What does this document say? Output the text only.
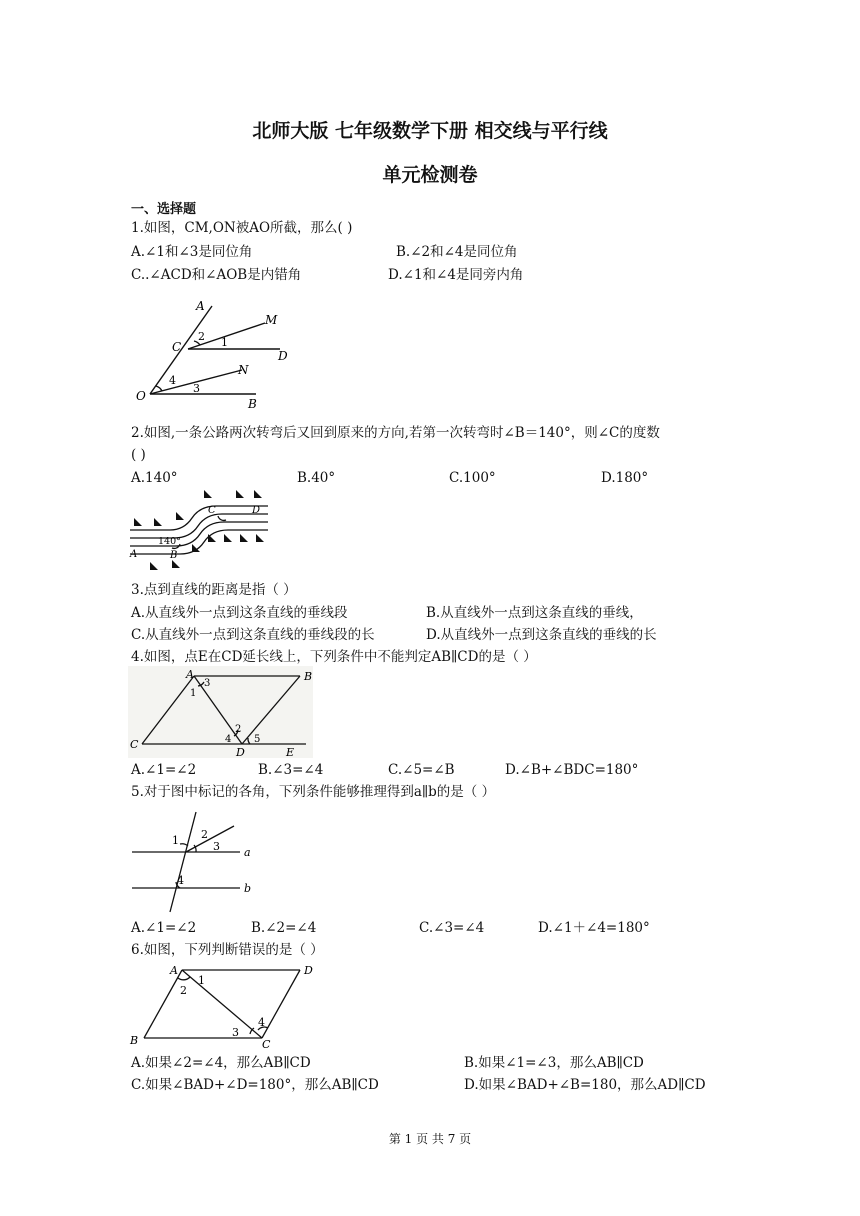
北师大版 七年级数学下册 相交线与平行线
单元检测卷
一、选择题
1.如图，CM,ON被AO所截，那么( )
A.∠1和∠3是同位角	B.∠2和∠4是同位角
C..∠ACD和∠AOB是内错角	D.∠1和∠4是同旁内角
A
C
M
D
O
N
B
1
2
3
4
2.如图,一条公路两次转弯后又回到原来的方向,若第一次转弯时∠B＝140°，则∠C的度数
( )
A.140°	B.40°	C.100°	D.180°
A	B
C	D
140°
3.点到直线的距离是指（ ）
A.从直线外一点到这条直线的垂线段	B.从直线外一点到这条直线的垂线，
C.从直线外一点到这条直线的垂线段的长	D.从直线外一点到这条直线的垂线的长
4.如图，点E在CD延长线上，下列条件中不能判定AB∥CD的是（ ）
A	B
C
D	E
1
2
3
4 5
A.∠1=∠2	B.∠3=∠4	C.∠5=∠B	D.∠B+∠BDC=180°
5.对于图中标记的各角，下列条件能够推理得到a∥b的是（ ）
1 2
3
4
a
b
A.∠1=∠2	B.∠2=∠4	C.∠3=∠4	D.∠1＋∠4=180°
6.如图，下列判断错误的是（ ）
A	D
B	C
1
2
3
4
A.如果∠2=∠4，那么AB∥CD	B.如果∠1=∠3，那么AB∥CD
C.如果∠BAD+∠D=180°，那么AB∥CD	D.如果∠BAD+∠B=180，那么AD∥CD
第 1 页 共 7 页
